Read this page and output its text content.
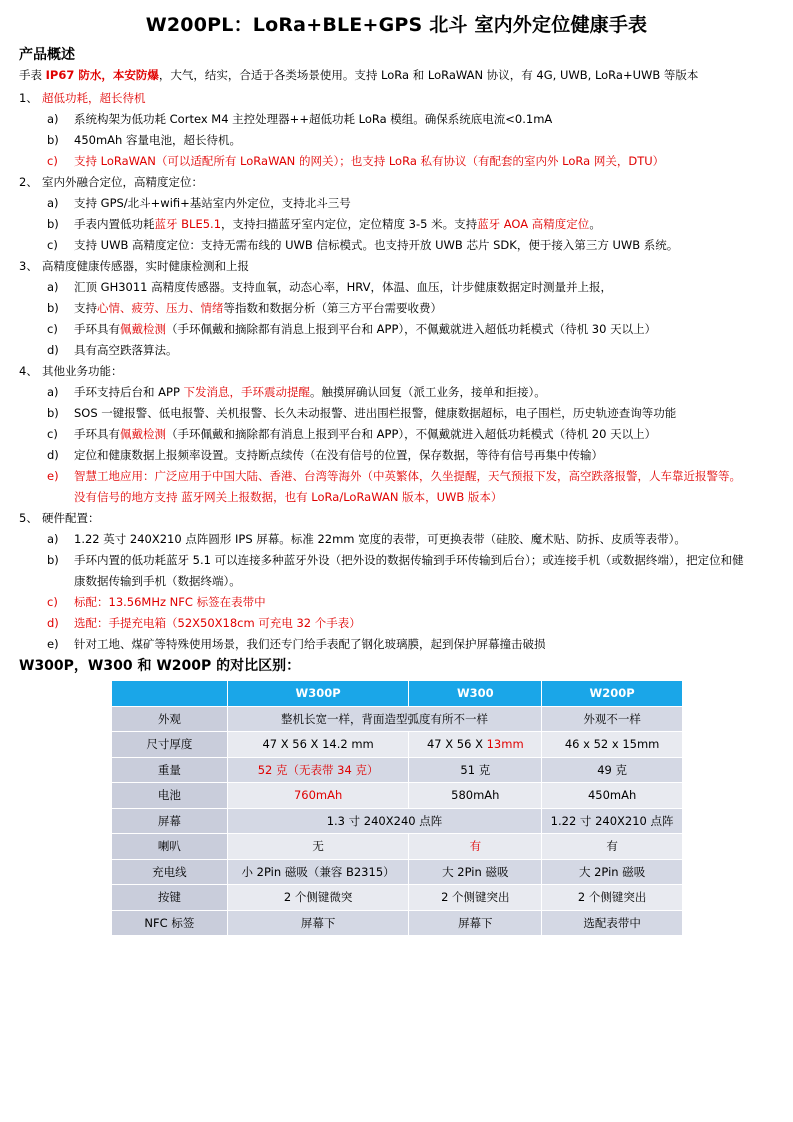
W200PL：LoRa+BLE+GPS 北斗 室内外定位健康手表
产品概述
手表 IP67 防水，本安防爆，大气，结实，合适于各类场景使用。支持 LoRa 和 LoRaWAN 协议，有 4G, UWB, LoRa+UWB 等版本
1、 超低功耗，超长待机
a) 系统构架为低功耗 Cortex M4 主控处理器++超低功耗 LoRa 模组。确保系统底电流<0.1mA
b) 450mAh 容量电池，超长待机。
c) 支持 LoRaWAN（可以适配所有 LoRaWAN 的网关）；也支持 LoRa 私有协议（有配套的室内外 LoRa 网关，DTU）
2、 室内外融合定位，高精度定位：
a) 支持 GPS/北斗+wifi+基站室内外定位，支持北斗三号
b) 手表内置低功耗蓝牙 BLE5.1，支持扫描蓝牙室内定位，定位精度 3-5 米。支持蓝牙 AOA 高精度定位。
c) 支持 UWB 高精度定位：支持无需布线的 UWB 信标模式。也支持开放 UWB 芯片 SDK，便于接入第三方 UWB 系统。
3、 高精度健康传感器，实时健康检测和上报
a) 汇顶 GH3011 高精度传感器。支持血氧，动态心率，HRV，体温、血压，计步健康数据定时测量并上报，
b) 支持心情、疲劳、压力、情绪等指数和数据分析（第三方平台需要收费）
c) 手环具有佩戴检测（手环佩戴和摘除都有消息上报到平台和 APP），不佩戴就进入超低功耗模式（待机 30 天以上）
d) 具有高空跌落算法。
4、 其他业务功能：
a) 手环支持后台和 APP 下发消息，手环震动提醒。触摸屏确认回复（派工业务，接单和拒接）。
b) SOS 一键报警、低电报警、关机报警、长久未动报警、进出围栏报警，健康数据超标，电子围栏，历史轨迹查询等功能
c) 手环具有佩戴检测（手环佩戴和摘除都有消息上报到平台和 APP），不佩戴就进入超低功耗模式（待机 20 天以上）
d) 定位和健康数据上报频率设置。支持断点续传（在没有信号的位置，保存数据，等待有信号再集中传输）
e) 智慧工地应用：广泛应用于中国大陆、香港、台湾等海外（中英繁体，久坐提醒，天气预报下发，高空跌落报警，人车靠近报警等。
没有信号的地方支持 蓝牙网关上报数据，也有 LoRa/LoRaWAN 版本，UWB 版本）
5、 硬件配置：
a) 1.22 英寸 240X210 点阵圆形 IPS 屏幕。标准 22mm 宽度的表带，可更换表带（硅胶、魔术贴、防拆、皮质等表带）。
b) 手环内置的低功耗蓝牙 5.1 可以连接多种蓝牙外设（把外设的数据传输到手环传输到后台）；或连接手机（或数据终端），把定位和健
康数据传输到手机（数据终端）。
c) 标配：13.56MHz NFC 标签在表带中
d) 选配：手提充电箱（52X50X18cm 可充电 32 个手表）
e) 针对工地、煤矿等特殊使用场景，我们还专门给手表配了钢化玻璃膜，起到保护屏幕撞击破损
W300P，W300 和 W200P 的对比区别：
	W300P	W300	W200P
外观	整机长宽一样，背面造型弧度有所不一样		外观不一样
尺寸厚度	47 X 56 X 14.2 mm	47 X 56 X 13mm	46 x 52 x 15mm
重量	52 克（无表带 34 克）	51 克	49 克
电池	760mAh	580mAh	450mAh
屏幕	1.3 寸 240X240 点阵		1.22 寸 240X210 点阵
喇叭	无	有	有
充电线	小 2Pin 磁吸（兼容 B2315）	大 2Pin 磁吸	大 2Pin 磁吸
按键	2 个侧键微突	2 个侧键突出	2 个侧键突出
NFC 标签	屏幕下	屏幕下	选配表带中
